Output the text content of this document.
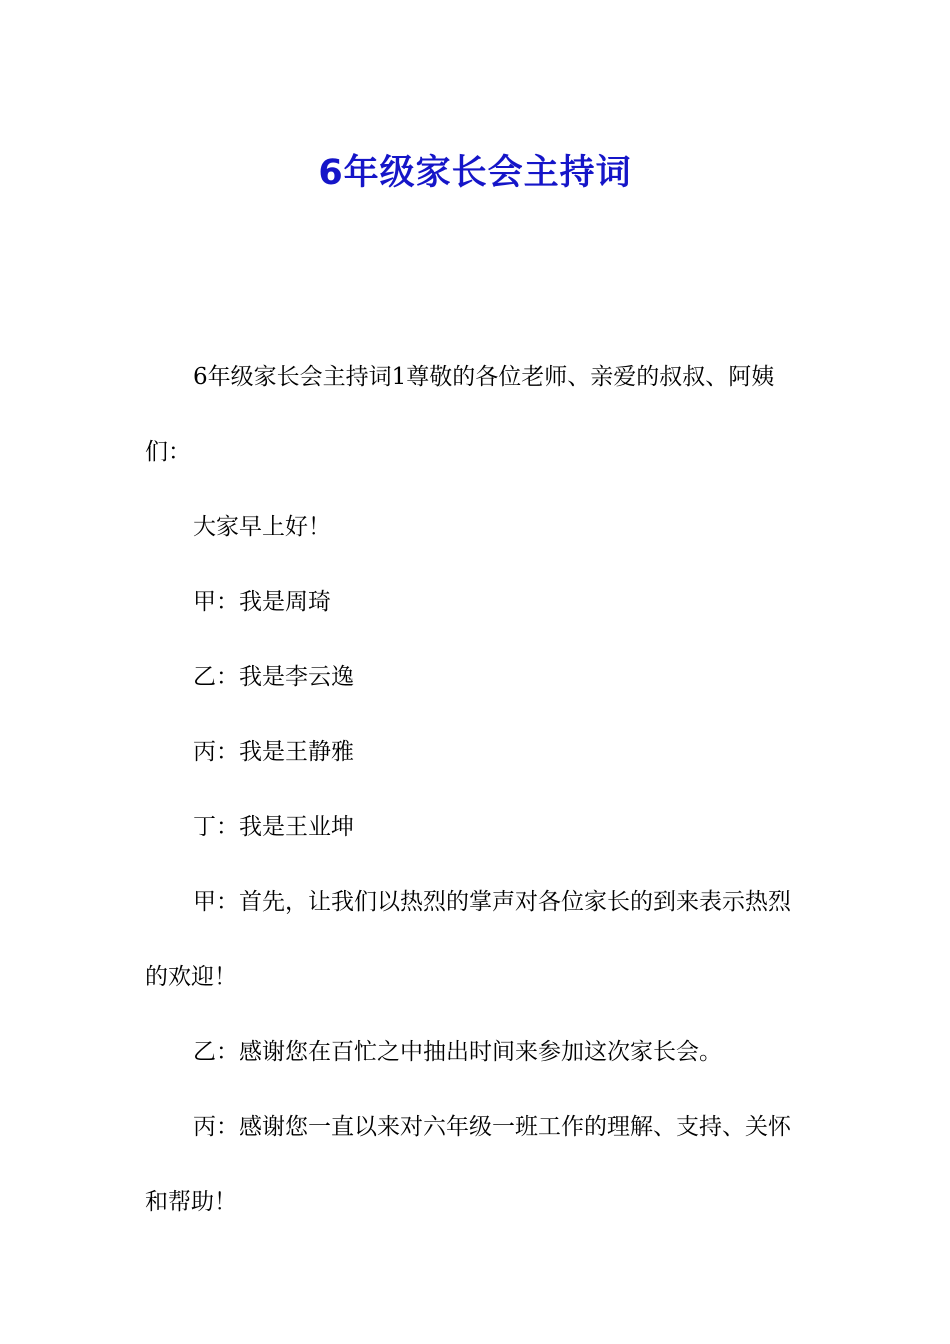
6年级家长会主持词

6年级家长会主持词1尊敬的各位老师、亲爱的叔叔、阿姨们：

大家早上好！

甲：我是周琦

乙：我是李云逸

丙：我是王静雅

丁：我是王业坤

甲：首先，让我们以热烈的掌声对各位家长的到来表示热烈的欢迎！

乙：感谢您在百忙之中抽出时间来参加这次家长会。

丙：感谢您一直以来对六年级一班工作的理解、支持、关怀和帮助！
